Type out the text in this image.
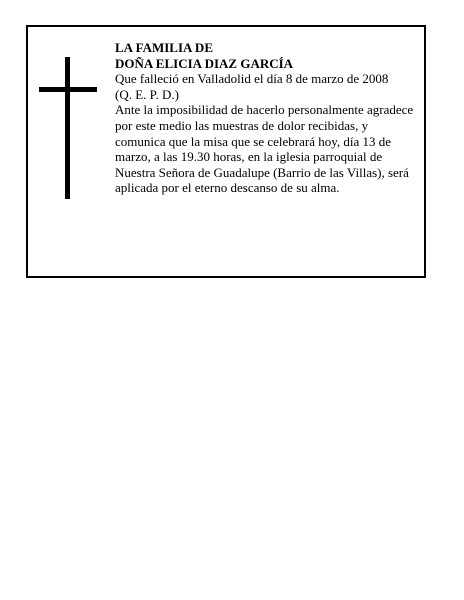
LA FAMILIA DE
DOÑA ELICIA DIAZ GARCÍA
Que falleció en Valladolid el día 8 de marzo de 2008
(Q. E. P. D.)

Ante la imposibilidad de hacerlo personalmente agradece por este medio las muestras de dolor recibidas, y comunica que la misa que se celebrará hoy, día 13 de marzo, a las 19.30 horas, en la iglesia parroquial de Nuestra Señora de Guadalupe (Barrio de las Villas), será aplicada por el eterno descanso de su alma.
